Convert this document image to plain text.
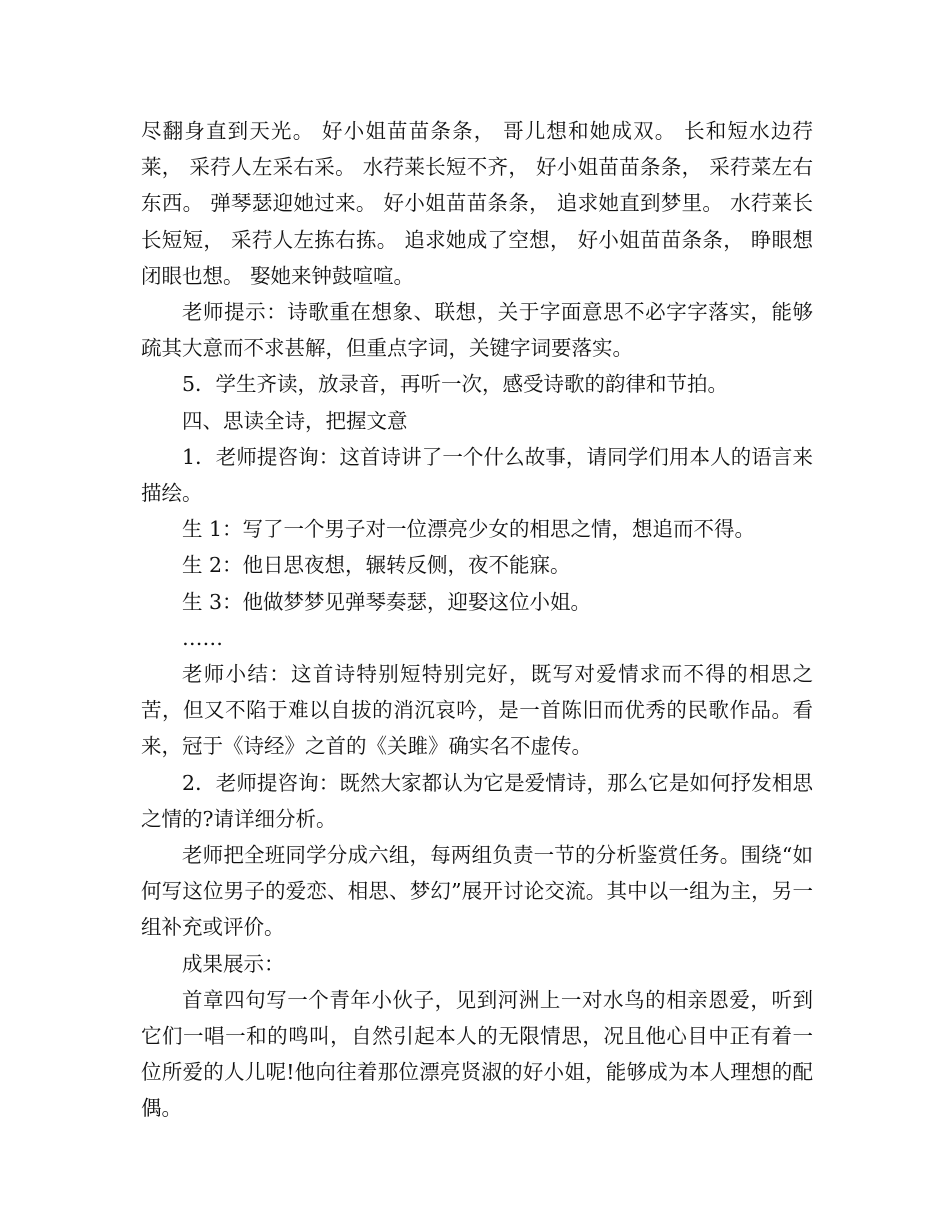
尽翻身直到天光。 好小姐苗苗条条， 哥儿想和她成双。 长和短水边荇莱， 采荇人左采右采。 水荇莱长短不齐， 好小姐苗苗条条， 采荇菜左右东西。 弹琴瑟迎她过来。 好小姐苗苗条条， 追求她直到梦里。 水荇莱长长短短， 采荇人左拣右拣。 追求她成了空想， 好小姐苗苗条条， 睁眼想闭眼也想。 娶她来钟鼓喧喧。

老师提示：诗歌重在想象、联想，关于字面意思不必字字落实，能够疏其大意而不求甚解，但重点字词，关键字词要落实。

5．学生齐读，放录音，再听一次，感受诗歌的韵律和节拍。

四、思读全诗，把握文意

1．老师提咨询：这首诗讲了一个什么故事，请同学们用本人的语言来描绘。

生 1：写了一个男子对一位漂亮少女的相思之情，想追而不得。

生 2：他日思夜想，辗转反侧，夜不能寐。

生 3：他做梦梦见弹琴奏瑟，迎娶这位小姐。

……

老师小结：这首诗特别短特别完好，既写对爱情求而不得的相思之苦，但又不陷于难以自拔的消沉哀吟，是一首陈旧而优秀的民歌作品。看来，冠于《诗经》之首的《关雎》确实名不虚传。

2．老师提咨询：既然大家都认为它是爱情诗，那么它是如何抒发相思之情的?请详细分析。

老师把全班同学分成六组，每两组负责一节的分析鉴赏任务。围绕“如何写这位男子的爱恋、相思、梦幻”展开讨论交流。其中以一组为主，另一组补充或评价。

成果展示：

首章四句写一个青年小伙子，见到河洲上一对水鸟的相亲恩爱，听到它们一唱一和的鸣叫，自然引起本人的无限情思，况且他心目中正有着一位所爱的人儿呢!他向往着那位漂亮贤淑的好小姐，能够成为本人理想的配偶。
